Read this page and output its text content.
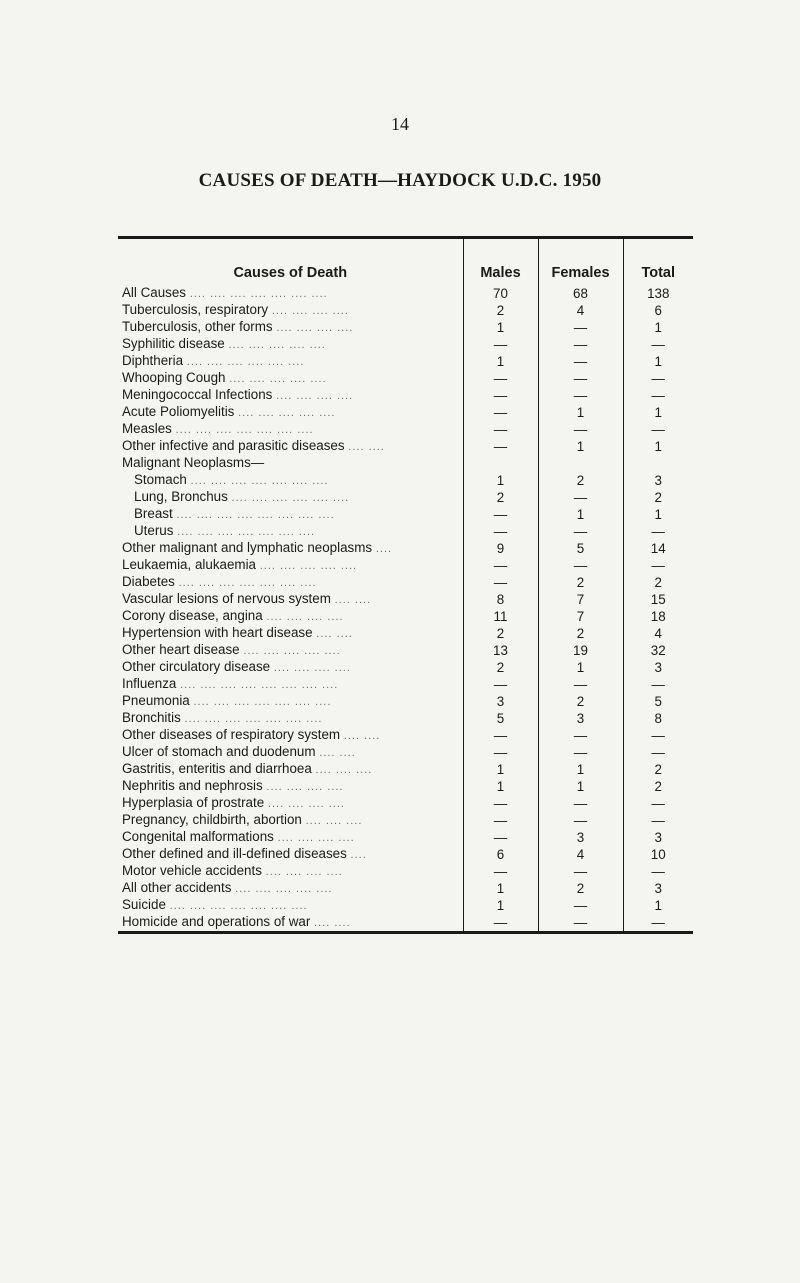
14
CAUSES OF DEATH—HAYDOCK U.D.C. 1950
Causes of Death	Males	Females	Total
All Causes .... .... .... .... .... .... ....	70	68	138
Tuberculosis, respiratory .... .... .... ....	2	4	6
Tuberculosis, other forms .... .... .... ....	1	—	1
Syphilitic disease .... .... .... .... ....	—	—	—
Diphtheria .... .... .... .... .... ....	1	—	1
Whooping Cough .... .... .... .... ....	—	—	—
Meningococcal Infections .... .... .... ....	—	—	—
Acute Poliomyelitis .... .... .... .... ....	—	1	1
Measles .... .... .... .... .... .... ....	—	—	—
Other infective and parasitic diseases .... ....	—	1	1
Malignant Neoplasms—			
Stomach .... .... .... .... .... .... ....	1	2	3
Lung, Bronchus .... .... .... .... .... ....	2	—	2
Breast .... .... .... .... .... .... .... ....	—	1	1
Uterus .... .... .... .... .... .... ....	—	—	—
Other malignant and lymphatic neoplasms ....	9	5	14
Leukaemia, alukaemia .... .... .... .... ....	—	—	—
Diabetes .... .... .... .... .... .... ....	—	2	2
Vascular lesions of nervous system .... ....	8	7	15
Corony disease, angina .... .... .... ....	11	7	18
Hypertension with heart disease .... ....	2	2	4
Other heart disease .... .... .... .... ....	13	19	32
Other circulatory disease .... .... .... ....	2	1	3
Influenza .... .... .... .... .... .... .... ....	—	—	—
Pneumonia .... .... .... .... .... .... ....	3	2	5
Bronchitis .... .... .... .... .... .... ....	5	3	8
Other diseases of respiratory system .... ....	—	—	—
Ulcer of stomach and duodenum .... ....	—	—	—
Gastritis, enteritis and diarrhoea .... .... ....	1	1	2
Nephritis and nephrosis .... .... .... ....	1	1	2
Hyperplasia of prostrate .... .... .... ....	—	—	—
Pregnancy, childbirth, abortion .... .... ....	—	—	—
Congenital malformations .... .... .... ....	—	3	3
Other defined and ill-defined diseases ....	6	4	10
Motor vehicle accidents .... .... .... ....	—	—	—
All other accidents .... .... .... .... ....	1	2	3
Suicide .... .... .... .... .... .... ....	1	—	1
Homicide and operations of war .... ....	—	—	—
